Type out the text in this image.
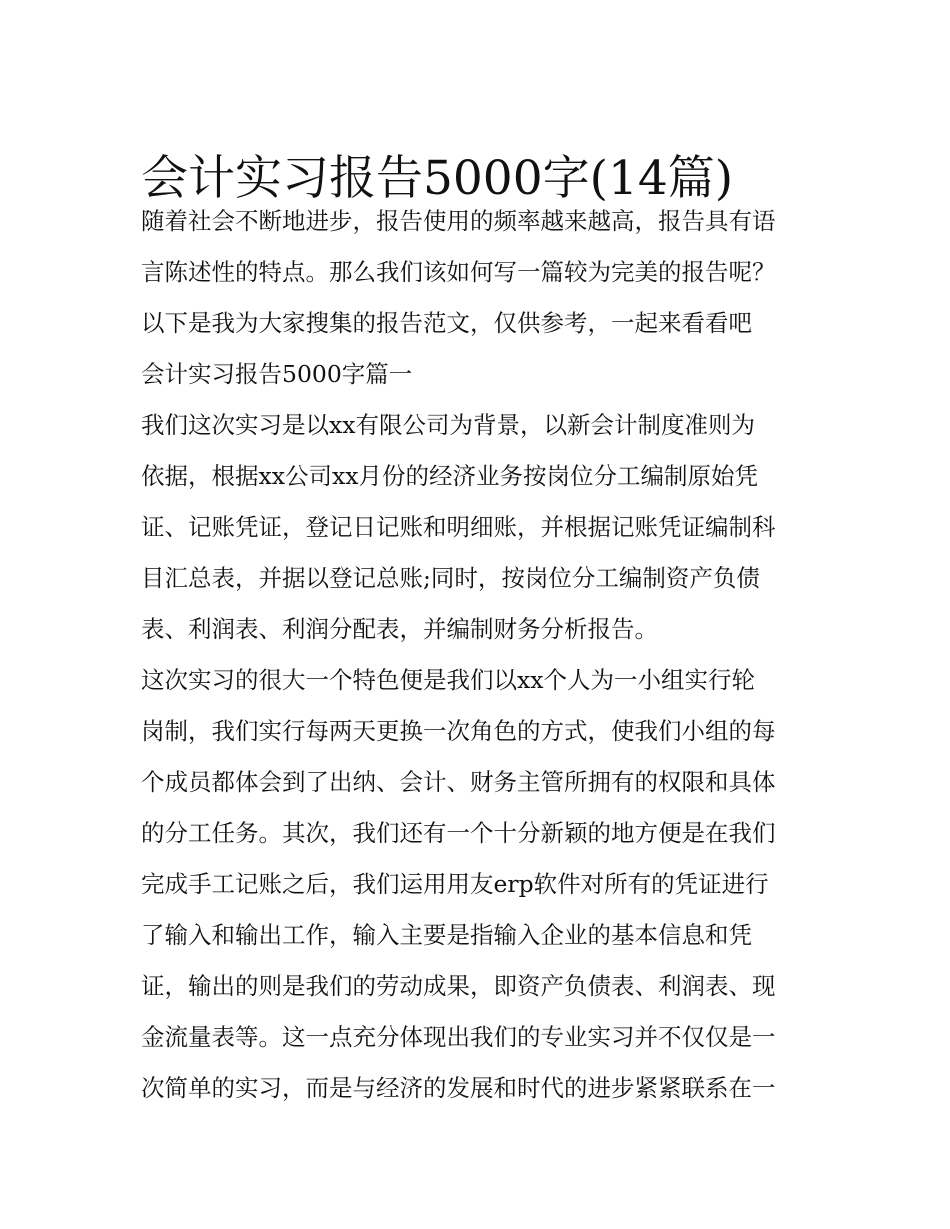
会计实习报告5000字(14篇)
随着社会不断地进步，报告使用的频率越来越高，报告具有语
言陈述性的特点。那么我们该如何写一篇较为完美的报告呢？
以下是我为大家搜集的报告范文，仅供参考，一起来看看吧
会计实习报告5000字篇一
我们这次实习是以xx有限公司为背景，以新会计制度准则为
依据，根据xx公司xx月份的经济业务按岗位分工编制原始凭
证、记账凭证，登记日记账和明细账，并根据记账凭证编制科
目汇总表，并据以登记总账;同时，按岗位分工编制资产负债
表、利润表、利润分配表，并编制财务分析报告。
这次实习的很大一个特色便是我们以xx个人为一小组实行轮
岗制，我们实行每两天更换一次角色的方式，使我们小组的每
个成员都体会到了出纳、会计、财务主管所拥有的权限和具体
的分工任务。其次，我们还有一个十分新颖的地方便是在我们
完成手工记账之后，我们运用用友erp软件对所有的凭证进行
了输入和输出工作，输入主要是指输入企业的基本信息和凭
证，输出的则是我们的劳动成果，即资产负债表、利润表、现
金流量表等。这一点充分体现出我们的专业实习并不仅仅是一
次简单的实习，而是与经济的发展和时代的进步紧紧联系在一
